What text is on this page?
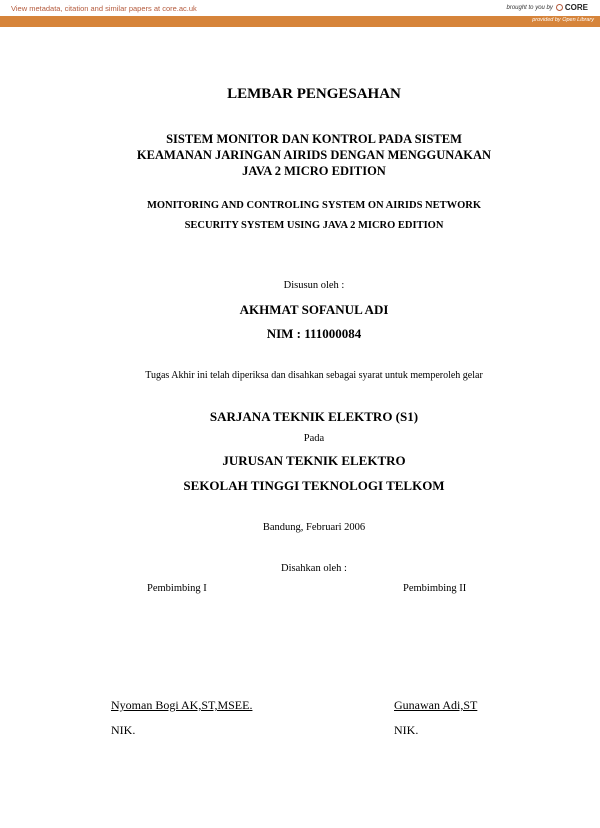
View metadata, citation and similar papers at core.ac.uk	brought to you by CORE
provided by Open Library
LEMBAR PENGESAHAN
SISTEM MONITOR DAN KONTROL PADA SISTEM
KEAMANAN JARINGAN AIRIDS DENGAN MENGGUNAKAN
JAVA 2 MICRO EDITION
MONITORING AND CONTROLING SYSTEM ON AIRIDS NETWORK
SECURITY SYSTEM USING JAVA 2 MICRO EDITION
Disusun oleh :
AKHMAT SOFANUL ADI
NIM : 111000084
Tugas Akhir ini telah diperiksa dan disahkan sebagai syarat untuk memperoleh gelar
SARJANA TEKNIK ELEKTRO (S1)
Pada
JURUSAN TEKNIK ELEKTRO
SEKOLAH TINGGI TEKNOLOGI TELKOM
Bandung, Februari 2006
Disahkan oleh :
Pembimbing I	Pembimbing II
Nyoman Bogi AK,ST,MSEE.	Gunawan Adi,ST
NIK.	NIK.
